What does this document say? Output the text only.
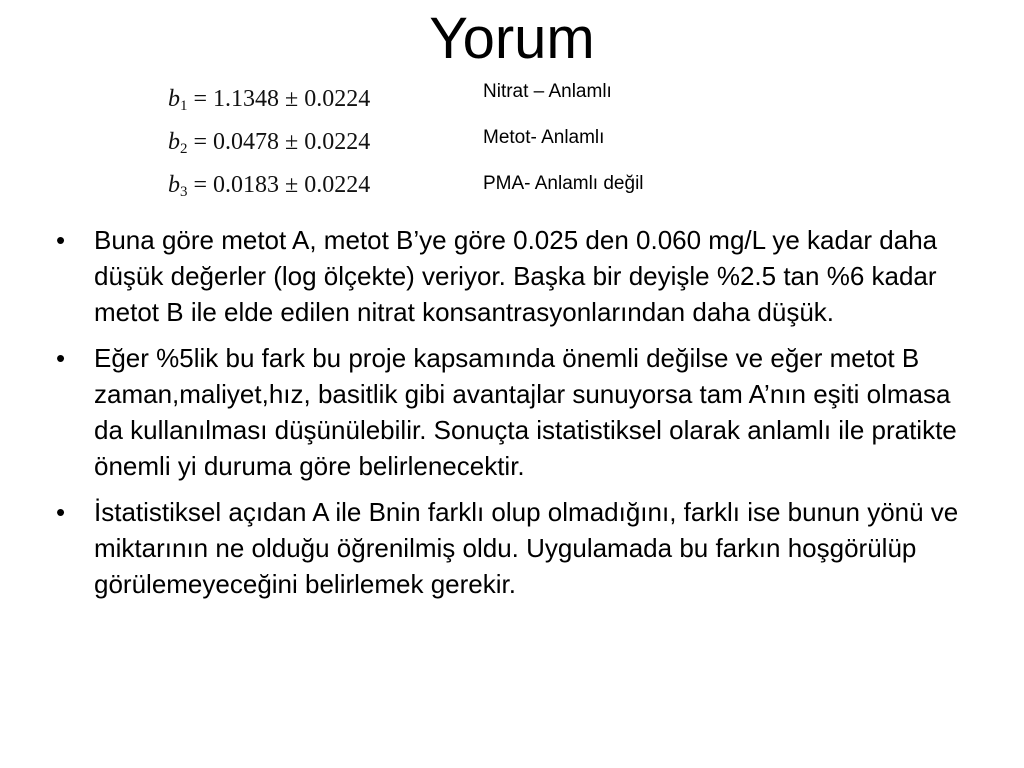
Yorum
$b_1 = 1.1348 \pm 0.0224$
$b_2 = 0.0478 \pm 0.0224$
$b_3 = 0.0183 \pm 0.0224$
Nitrat – Anlamlı
Metot- Anlamlı
PMA- Anlamlı değil
• Buna göre metot A, metot B’ye göre 0.025 den 0.060 mg/L ye kadar daha düşük değerler (log ölçekte) veriyor. Başka bir deyişle %2.5 tan %6 kadar metot B ile elde edilen nitrat konsantrasyonlarından daha düşük.
• Eğer %5lik bu fark bu proje kapsamında önemli değilse ve eğer metot B zaman,maliyet,hız, basitlik gibi avantajlar sunuyorsa tam A’nın eşiti olmasa da kullanılması düşünülebilir. Sonuçta istatistiksel olarak anlamlı ile pratikte önemli yi duruma göre belirlenecektir.
• İstatistiksel açıdan A ile Bnin farklı olup olmadığını, farklı ise bunun yönü ve miktarının ne olduğu öğrenilmiş oldu. Uygulamada bu farkın hoşgörülüp görülemeyeceğini belirlemek gerekir.
